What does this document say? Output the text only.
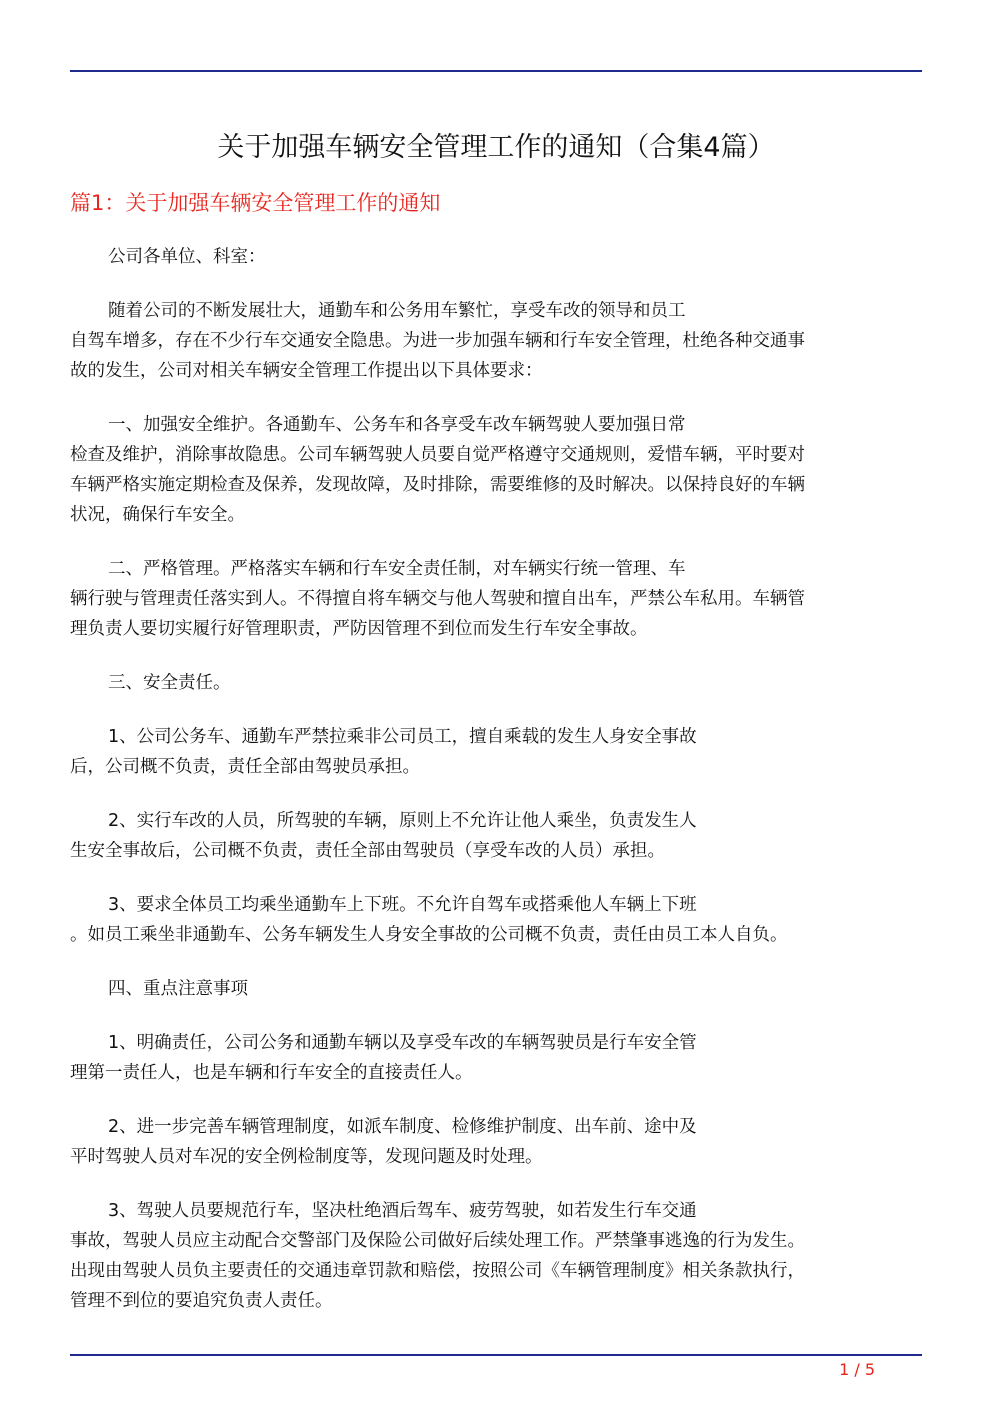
关于加强车辆安全管理工作的通知（合集4篇）
篇1：关于加强车辆安全管理工作的通知

公司各单位、科室：

随着公司的不断发展壮大，通勤车和公务用车繁忙，享受车改的领导和员工
自驾车增多，存在不少行车交通安全隐患。为进一步加强车辆和行车安全管理，杜绝各种交通事
故的发生，公司对相关车辆安全管理工作提出以下具体要求：

一、加强安全维护。各通勤车、公务车和各享受车改车辆驾驶人要加强日常
检查及维护，消除事故隐患。公司车辆驾驶人员要自觉严格遵守交通规则，爱惜车辆，平时要对
车辆严格实施定期检查及保养，发现故障，及时排除，需要维修的及时解决。以保持良好的车辆
状况，确保行车安全。

二、严格管理。严格落实车辆和行车安全责任制，对车辆实行统一管理、车
辆行驶与管理责任落实到人。不得擅自将车辆交与他人驾驶和擅自出车，严禁公车私用。车辆管
理负责人要切实履行好管理职责，严防因管理不到位而发生行车安全事故。

三、安全责任。

1、公司公务车、通勤车严禁拉乘非公司员工，擅自乘载的发生人身安全事故
后，公司概不负责，责任全部由驾驶员承担。

2、实行车改的人员，所驾驶的车辆，原则上不允许让他人乘坐，负责发生人
生安全事故后，公司概不负责，责任全部由驾驶员（享受车改的人员）承担。

3、要求全体员工均乘坐通勤车上下班。不允许自驾车或搭乘他人车辆上下班
。如员工乘坐非通勤车、公务车辆发生人身安全事故的公司概不负责，责任由员工本人自负。

四、重点注意事项

1、明确责任，公司公务和通勤车辆以及享受车改的车辆驾驶员是行车安全管
理第一责任人，也是车辆和行车安全的直接责任人。

2、进一步完善车辆管理制度，如派车制度、检修维护制度、出车前、途中及
平时驾驶人员对车况的安全例检制度等，发现问题及时处理。

3、驾驶人员要规范行车，坚决杜绝酒后驾车、疲劳驾驶，如若发生行车交通
事故，驾驶人员应主动配合交警部门及保险公司做好后续处理工作。严禁肇事逃逸的行为发生。
出现由驾驶人员负主要责任的交通违章罚款和赔偿，按照公司《车辆管理制度》相关条款执行，
管理不到位的要追究负责人责任。

1 / 5
